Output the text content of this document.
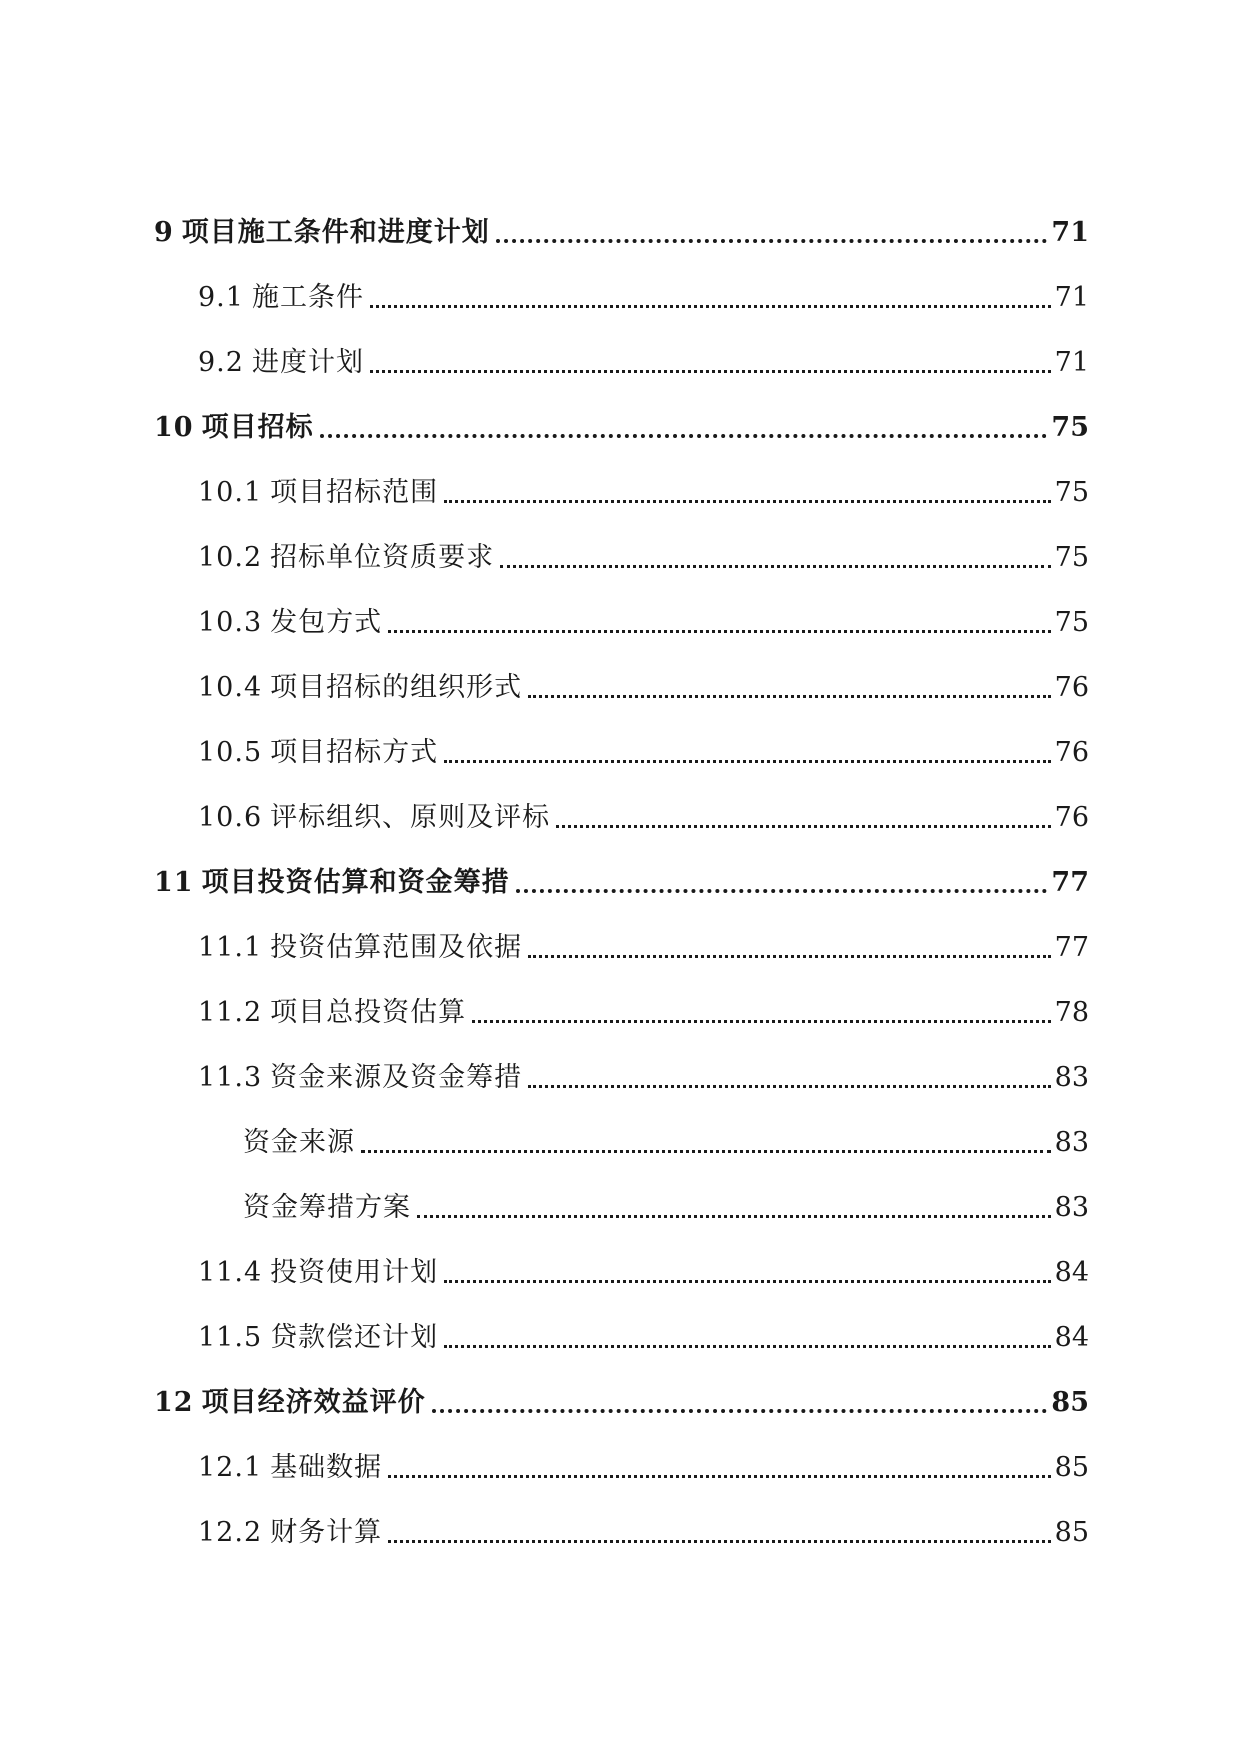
9 项目施工条件和进度计划	71
9.1 施工条件	71
9.2 进度计划	71
10 项目招标	75
10.1 项目招标范围	75
10.2 招标单位资质要求	75
10.3 发包方式	75
10.4 项目招标的组织形式	76
10.5 项目招标方式	76
10.6 评标组织、原则及评标	76
11 项目投资估算和资金筹措	77
11.1 投资估算范围及依据	77
11.2 项目总投资估算	78
11.3 资金来源及资金筹措	83
资金来源	83
资金筹措方案	83
11.4 投资使用计划	84
11.5 贷款偿还计划	84
12 项目经济效益评价	85
12.1 基础数据	85
12.2 财务计算	85
